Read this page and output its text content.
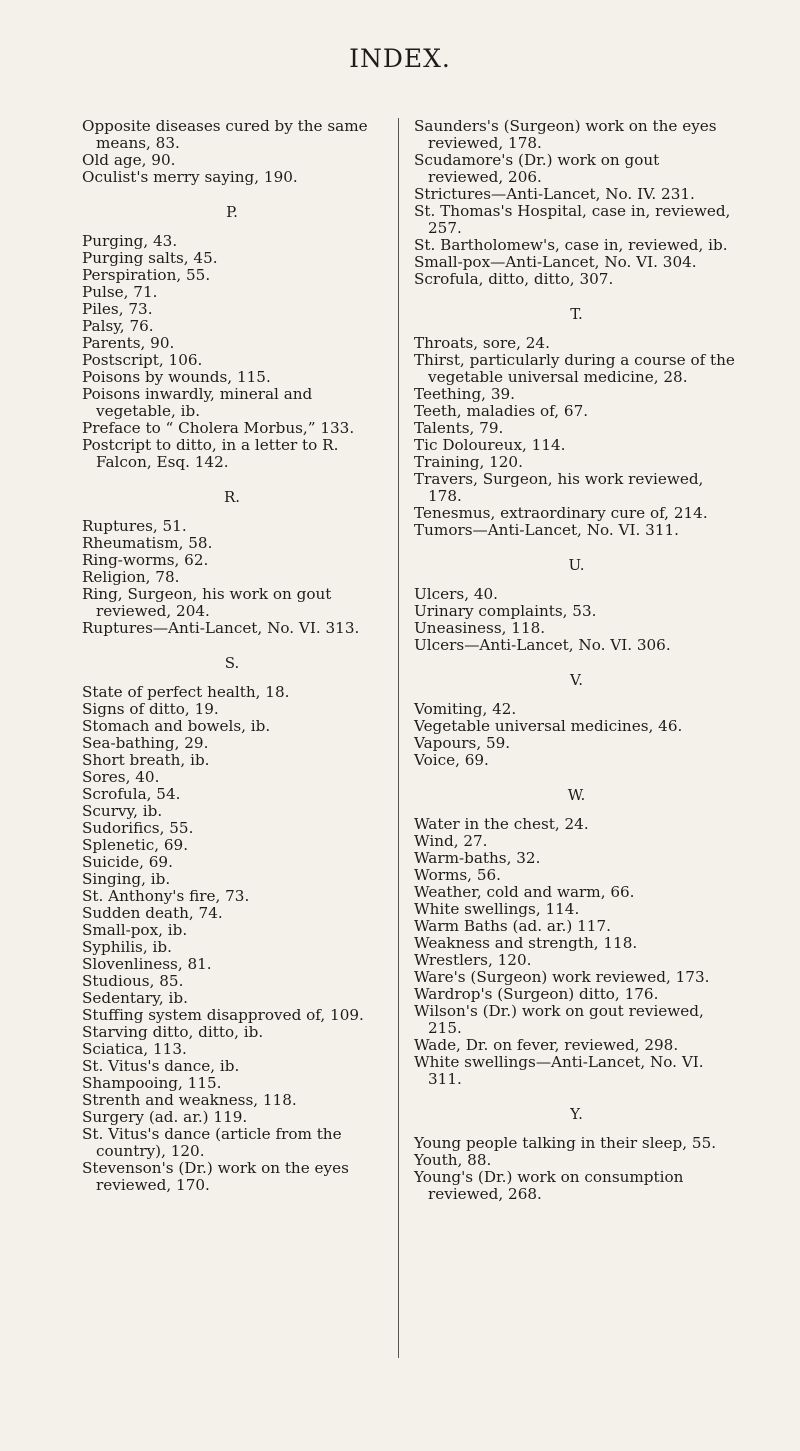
INDEX.

Opposite diseases cured by the same means, 83.

Old age, 90.

Oculist's merry saying, 190.

P.

Purging, 43.

Purging salts, 45.

Perspiration, 55.

Pulse, 71.

Piles, 73.

Palsy, 76.

Parents, 90.

Postscript, 106.

Poisons by wounds, 115.

Poisons inwardly, mineral and vegetable, ib.

Preface to “ Cholera Morbus,” 133.

Postcript to ditto, in a letter to R. Falcon, Esq. 142.

R.

Ruptures, 51.

Rheumatism, 58.

Ring-worms, 62.

Religion, 78.

Ring, Surgeon, his work on gout reviewed, 204.

Ruptures—Anti-Lancet, No. VI. 313.

S.

State of perfect health, 18.

Signs of ditto, 19.

Stomach and bowels, ib.

Sea-bathing, 29.

Short breath, ib.

Sores, 40.

Scrofula, 54.

Scurvy, ib.

Sudorifics, 55.

Splenetic, 69.

Suicide, 69.

Singing, ib.

St. Anthony's fire, 73.

Sudden death, 74.

Small-pox, ib.

Syphilis, ib.

Slovenliness, 81.

Studious, 85.

Sedentary, ib.

Stuffing system disapproved of, 109.

Starving ditto, ditto, ib.

Sciatica, 113.

St. Vitus's dance, ib.

Shampooing, 115.

Strenth and weakness, 118.

Surgery (ad. ar.) 119.

St. Vitus's dance (article from the country), 120.

Stevenson's (Dr.) work on the eyes reviewed, 170.

Saunders's (Surgeon) work on the eyes reviewed, 178.

Scudamore's (Dr.) work on gout reviewed, 206.

Strictures—Anti-Lancet, No. IV. 231.

St. Thomas's Hospital, case in, reviewed, 257.

St. Bartholomew's, case in, reviewed, ib.

Small-pox—Anti-Lancet, No. VI. 304.

Scrofula, ditto, ditto, 307.

T.

Throats, sore, 24.

Thirst, particularly during a course of the vegetable universal medicine, 28.

Teething, 39.

Teeth, maladies of, 67.

Talents, 79.

Tic Doloureux, 114.

Training, 120.

Travers, Surgeon, his work reviewed, 178.

Tenesmus, extraordinary cure of, 214.

Tumors—Anti-Lancet, No. VI. 311.

U.

Ulcers, 40.

Urinary complaints, 53.

Uneasiness, 118.

Ulcers—Anti-Lancet, No. VI. 306.

V.

Vomiting, 42.

Vegetable universal medicines, 46.

Vapours, 59.

Voice, 69.

W.

Water in the chest, 24.

Wind, 27.

Warm-baths, 32.

Worms, 56.

Weather, cold and warm, 66.

White swellings, 114.

Warm Baths (ad. ar.) 117.

Weakness and strength, 118.

Wrestlers, 120.

Ware's (Surgeon) work reviewed, 173.

Wardrop's (Surgeon) ditto, 176.

Wilson's (Dr.) work on gout reviewed, 215.

Wade, Dr. on fever, reviewed, 298.

White swellings—Anti-Lancet, No. VI. 311.

Y.

Young people talking in their sleep, 55.

Youth, 88.

Young's (Dr.) work on consumption reviewed, 268.
